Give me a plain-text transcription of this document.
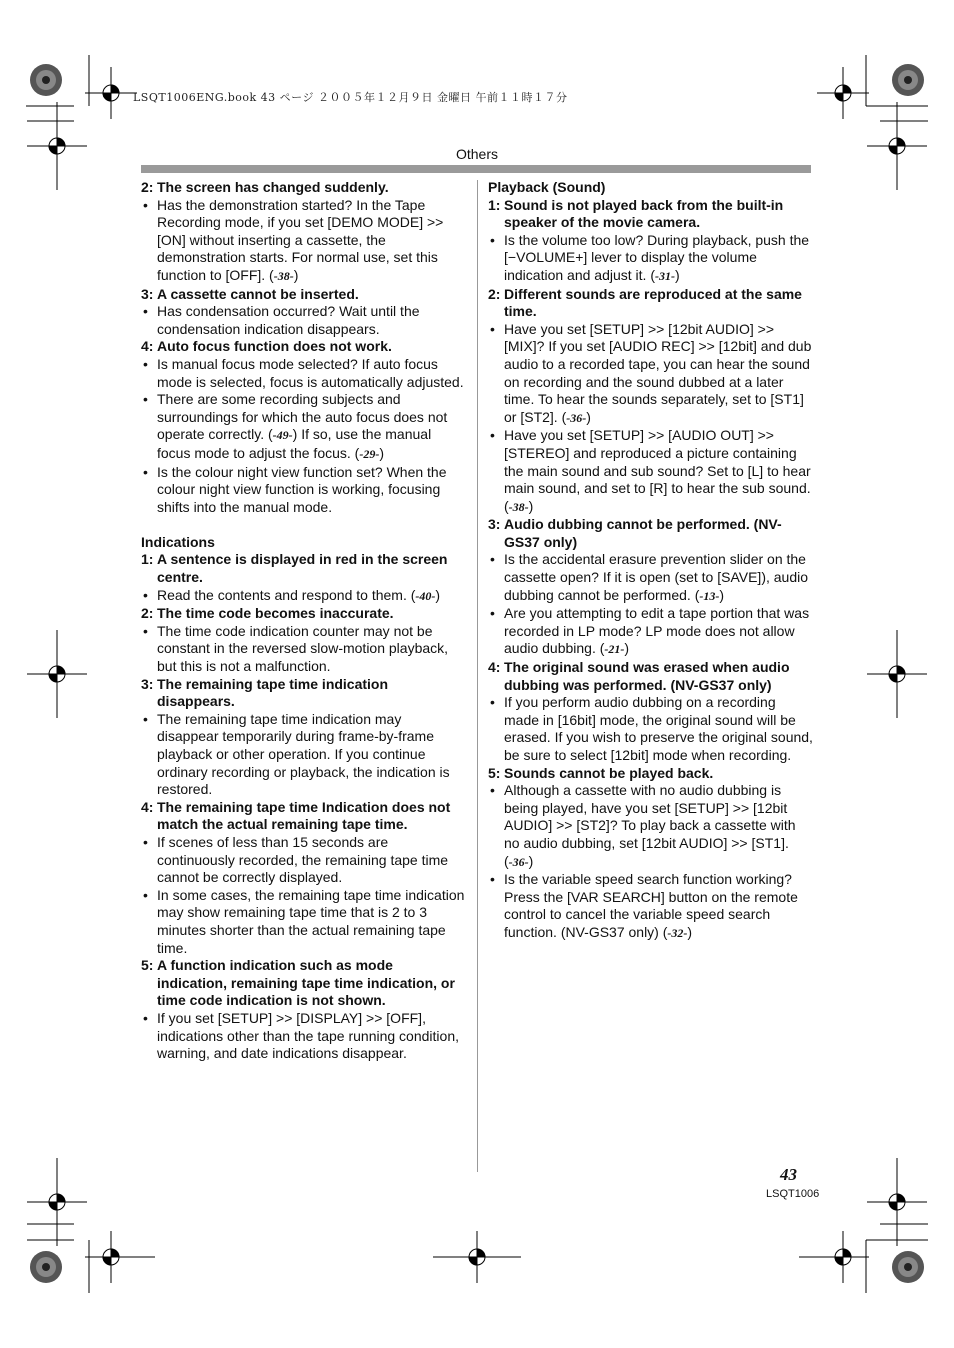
LSQT1006ENG.book 43 ページ ２００５年１２月９日 金曜日 午前１１時１７分
Others
2: The screen has changed suddenly.
• Has the demonstration started? In the Tape Recording mode, if you set [DEMO MODE] >> [ON] without inserting a cassette, the demonstration starts. For normal use, set this function to [OFF]. (-38-)
3: A cassette cannot be inserted.
• Has condensation occurred? Wait until the condensation indication disappears.
4: Auto focus function does not work.
• Is manual focus mode selected? If auto focus mode is selected, focus is automatically adjusted.
• There are some recording subjects and surroundings for which the auto focus does not operate correctly. (-49-) If so, use the manual focus mode to adjust the focus. (-29-)
• Is the colour night view function set? When the colour night view function is working, focusing shifts into the manual mode.
Indications
1: A sentence is displayed in red in the screen centre.
• Read the contents and respond to them. (-40-)
2: The time code becomes inaccurate.
• The time code indication counter may not be constant in the reversed slow-motion playback, but this is not a malfunction.
3: The remaining tape time indication disappears.
• The remaining tape time indication may disappear temporarily during frame-by-frame playback or other operation. If you continue ordinary recording or playback, the indication is restored.
4: The remaining tape time Indication does not match the actual remaining tape time.
• If scenes of less than 15 seconds are continuously recorded, the remaining tape time cannot be correctly displayed.
• In some cases, the remaining tape time indication may show remaining tape time that is 2 to 3 minutes shorter than the actual remaining tape time.
5: A function indication such as mode indication, remaining tape time indication, or time code indication is not shown.
• If you set [SETUP] >> [DISPLAY] >> [OFF], indications other than the tape running condition, warning, and date indications disappear.
Playback (Sound)
1: Sound is not played back from the built-in speaker of the movie camera.
• Is the volume too low? During playback, push the [−VOLUME+] lever to display the volume indication and adjust it. (-31-)
2: Different sounds are reproduced at the same time.
• Have you set [SETUP] >> [12bit AUDIO] >> [MIX]? If you set [AUDIO REC] >> [12bit] and dub audio to a recorded tape, you can hear the sound on recording and the sound dubbed at a later time. To hear the sounds separately, set to [ST1] or [ST2]. (-36-)
• Have you set [SETUP] >> [AUDIO OUT] >> [STEREO] and reproduced a picture containing the main sound and sub sound? Set to [L] to hear main sound, and set to [R] to hear the sub sound. (-38-)
3: Audio dubbing cannot be performed. (NV-GS37 only)
• Is the accidental erasure prevention slider on the cassette open? If it is open (set to [SAVE]), audio dubbing cannot be performed. (-13-)
• Are you attempting to edit a tape portion that was recorded in LP mode? LP mode does not allow audio dubbing. (-21-)
4: The original sound was erased when audio dubbing was performed. (NV-GS37 only)
• If you perform audio dubbing on a recording made in [16bit] mode, the original sound will be erased. If you wish to preserve the original sound, be sure to select [12bit] mode when recording.
5: Sounds cannot be played back.
• Although a cassette with no audio dubbing is being played, have you set [SETUP] >> [12bit AUDIO] >> [ST2]? To play back a cassette with no audio dubbing, set [12bit AUDIO] >> [ST1]. (-36-)
• Is the variable speed search function working? Press the [VAR SEARCH] button on the remote control to cancel the variable speed search function. (NV-GS37 only) (-32-)
43
LSQT1006
